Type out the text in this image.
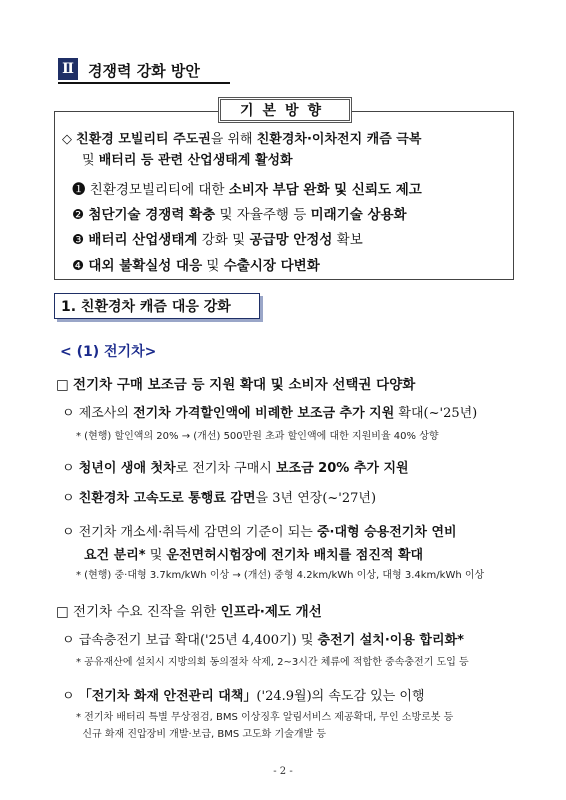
Ⅱ 경쟁력 강화 방안
기본방향
◇ 친환경 모빌리티 주도권을 위해 친환경차·이차전지 캐즘 극복
및 배터리 등 관련 산업생태계 활성화
❶ 친환경모빌리티에 대한 소비자 부담 완화 및 신뢰도 제고
❷ 첨단기술 경쟁력 확충 및 자율주행 등 미래기술 상용화
❸ 배터리 산업생태계 강화 및 공급망 안정성 확보
❹ 대외 불확실성 대응 및 수출시장 다변화
1. 친환경차 캐즘 대응 강화
< (1) 전기차>
□ 전기차 구매 보조금 등 지원 확대 및 소비자 선택권 다양화
ㅇ 제조사의 전기차 가격할인액에 비례한 보조금 추가 지원 확대(~'25년)
* (현행) 할인액의 20% → (개선) 500만원 초과 할인액에 대한 지원비율 40% 상향
ㅇ 청년이 생애 첫차로 전기차 구매시 보조금 20% 추가 지원
ㅇ 친환경차 고속도로 통행료 감면을 3년 연장(~'27년)
ㅇ 전기차 개소세·취득세 감면의 기준이 되는 중·대형 승용전기차 연비
요건 분리* 및 운전면허시험장에 전기차 배치를 점진적 확대
* (현행) 중·대형 3.7km/kWh 이상 → (개선) 중형 4.2km/kWh 이상, 대형 3.4km/kWh 이상
□ 전기차 수요 진작을 위한 인프라·제도 개선
ㅇ 급속충전기 보급 확대('25년 4,400기) 및 충전기 설치·이용 합리화*
* 공유재산에 설치시 지방의회 동의절차 삭제, 2~3시간 체류에 적합한 중속충전기 도입 등
ㅇ 「전기차 화재 안전관리 대책」('24.9월)의 속도감 있는 이행
* 전기차 배터리 특별 무상점검, BMS 이상징후 알림서비스 제공확대, 무인 소방로봇 등
신규 화재 진압장비 개발·보급, BMS 고도화 기술개발 등
- 2 -
